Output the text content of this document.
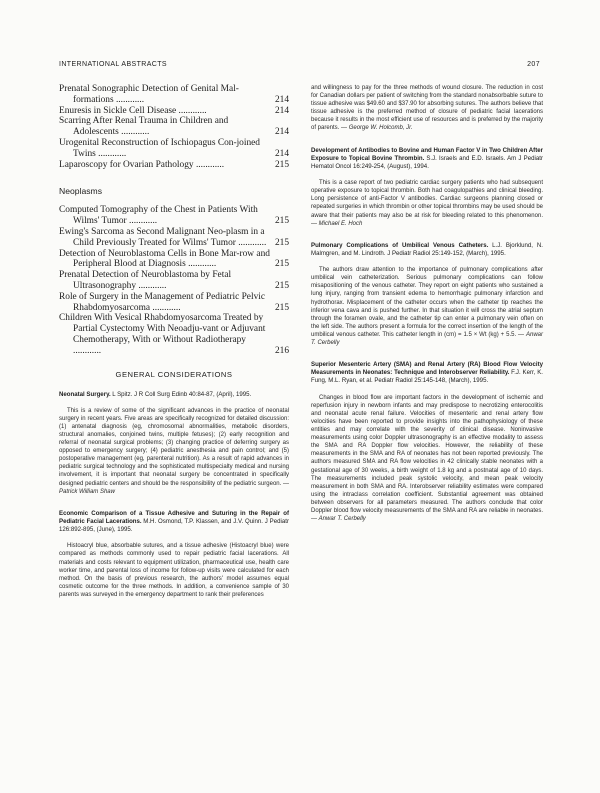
INTERNATIONAL ABSTRACTS	207
Prenatal Sonographic Detection of Genital Mal-formations ............	214
Enuresis in Sickle Cell Disease ............	214
Scarring After Renal Trauma in Children and Adolescents ............	214
Urogenital Reconstruction of Ischiopagus Con-joined Twins ............	214
Laparoscopy for Ovarian Pathology ............	215
Neoplasms
Computed Tomography of the Chest in Patients With Wilms' Tumor ............	215
Ewing's Sarcoma as Second Malignant Neo-plasm in a Child Previously Treated for Wilms' Tumor ............ 215
Detection of Neuroblastoma Cells in Bone Mar-row and Peripheral Blood at Diagnosis ............	215
Prenatal Detection of Neuroblastoma by Fetal Ultrasonography ............	215
Role of Surgery in the Management of Pediatric Pelvic Rhabdomyosarcoma ............	215
Children With Vesical Rhabdomyosarcoma Treated by Partial Cystectomy With Neoadju-vant or Adjuvant Chemotherapy, With or Without Radiotherapy ............	216
GENERAL CONSIDERATIONS
Neonatal Surgery. L Spitz. J R Coll Surg Edinb 40:84-87, (April), 1995.
This is a review of some of the significant advances in the practice of neonatal surgery in recent years. Five areas are specifically recognized for detailed discussion: (1) antenatal diagnosis (eg, chromosomal abnormalities, metabolic disorders, structural anomalies, conjoined twins, multiple fetuses); (2) early recognition and referral of neonatal surgical problems; (3) changing practice of deferring surgery as opposed to emergency surgery; (4) pediatric anesthesia and pain control; and (5) postoperative management (eg, parenteral nutrition). As a result of rapid advances in pediatric surgical technology and the sophisticated multispecialty medical and nursing involvement, it is important that neonatal surgery be concentrated in specifically designed pediatric centers and should be the responsibility of the pediatric surgeon. — Patrick William Shaw
Economic Comparison of a Tissue Adhesive and Suturing in the Repair of Pediatric Facial Lacerations. M.H. Osmond, T.P. Klassen, and J.V. Quinn. J Pediatr 126:892-895, (June), 1995.
Histoacryl blue, absorbable sutures, and a tissue adhesive (Histoacryl blue) were compared as methods commonly used to repair pediatric facial lacerations. All materials and costs relevant to equipment utilization, pharmaceutical use, health care worker time, and parental loss of income for follow-up visits were calculated for each method. On the basis of previous research, the authors' model assumes equal cosmetic outcome for the three methods. In addition, a convenience sample of 30 parents was surveyed in the emergency department to rank their preferences
and willingness to pay for the three methods of wound closure. The reduction in cost for Canadian dollars per patient of switching from the standard nonabsorbable suture to tissue adhesive was $49.60 and $37.90 for absorbing sutures. The authors believe that tissue adhesive is the preferred method of closure of pediatric facial lacerations because it results in the most efficient use of resources and is preferred by the majority of parents. — George W. Holcomb, Jr.
Development of Antibodies to Bovine and Human Factor V in Two Children After Exposure to Topical Bovine Thrombin. S.J. Israels and E.D. Israels. Am J Pediatr Hematol Oncol 16:249-254, (August), 1994.
This is a case report of two pediatric cardiac surgery patients who had subsequent operative exposure to topical thrombin. Both had coagulopathies and clinical bleeding. Long persistence of anti-Factor V antibodies. Cardiac surgeons planning closed or repeated surgeries in which thrombin or other topical thrombins may be used should be aware that their patients may also be at risk for bleeding related to this phenomenon. — Michael E. Hoch
Pulmonary Complications of Umbilical Venous Catheters. L.J. Bjorklund, N. Malmgren, and M. Lindroth. J Pediatr Radiol 25:149-152, (March), 1995.
The authors draw attention to the importance of pulmonary complications after umbilical vein catheterization. Serious pulmonary complications can follow misapositioning of the venous catheter. They report on eight patients who sustained a lung injury, ranging from transient edema to hemorrhagic pulmonary infarction and hydrothorax. Misplacement of the catheter occurs when the catheter tip reaches the inferior vena cava and is pushed further. In that situation it will cross the atrial septum through the foramen ovale, and the catheter tip can enter a pulmonary vein often on the left side. The authors present a formula for the correct insertion of the length of the umbilical venous catheter. This catheter length in (cm) = 1.5 × Wt (kg) + 5.5. — Anwar T. Cerbelly
Superior Mesenteric Artery (SMA) and Renal Artery (RA) Blood Flow Velocity Measurements in Neonates: Technique and Interobserver Reliability. F.J. Kerr, K. Fung, M.L. Ryan, et al. Pediatr Radiol 25:145-148, (March), 1995.
Changes in blood flow are important factors in the development of ischemic and reperfusion injury in newborn infants and may predispose to necrotizing enterocolitis and neonatal acute renal failure. Velocities of mesenteric and renal artery flow velocities have been reported to provide insights into the pathophysiology of these entities and may correlate with the severity of clinical disease. Noninvasive measurements using color Doppler ultrasonography is an effective modality to assess the SMA and RA Doppler flow velocities. However, the reliability of these measurements in the SMA and RA of neonates has not been reported previously. The authors measured SMA and RA flow velocities in 42 clinically stable neonates with a gestational age of 30 weeks, a birth weight of 1.8 kg and a postnatal age of 10 days. The measurements included peak systolic velocity, and mean peak velocity measurement in both SMA and RA. Interobserver reliability estimates were compared using the intraclass correlation coefficient. Substantial agreement was obtained between observers for all parameters measured. The authors conclude that color Doppler blood flow velocity measurements of the SMA and RA are reliable in neonates. — Anwar T. Cerbelly
